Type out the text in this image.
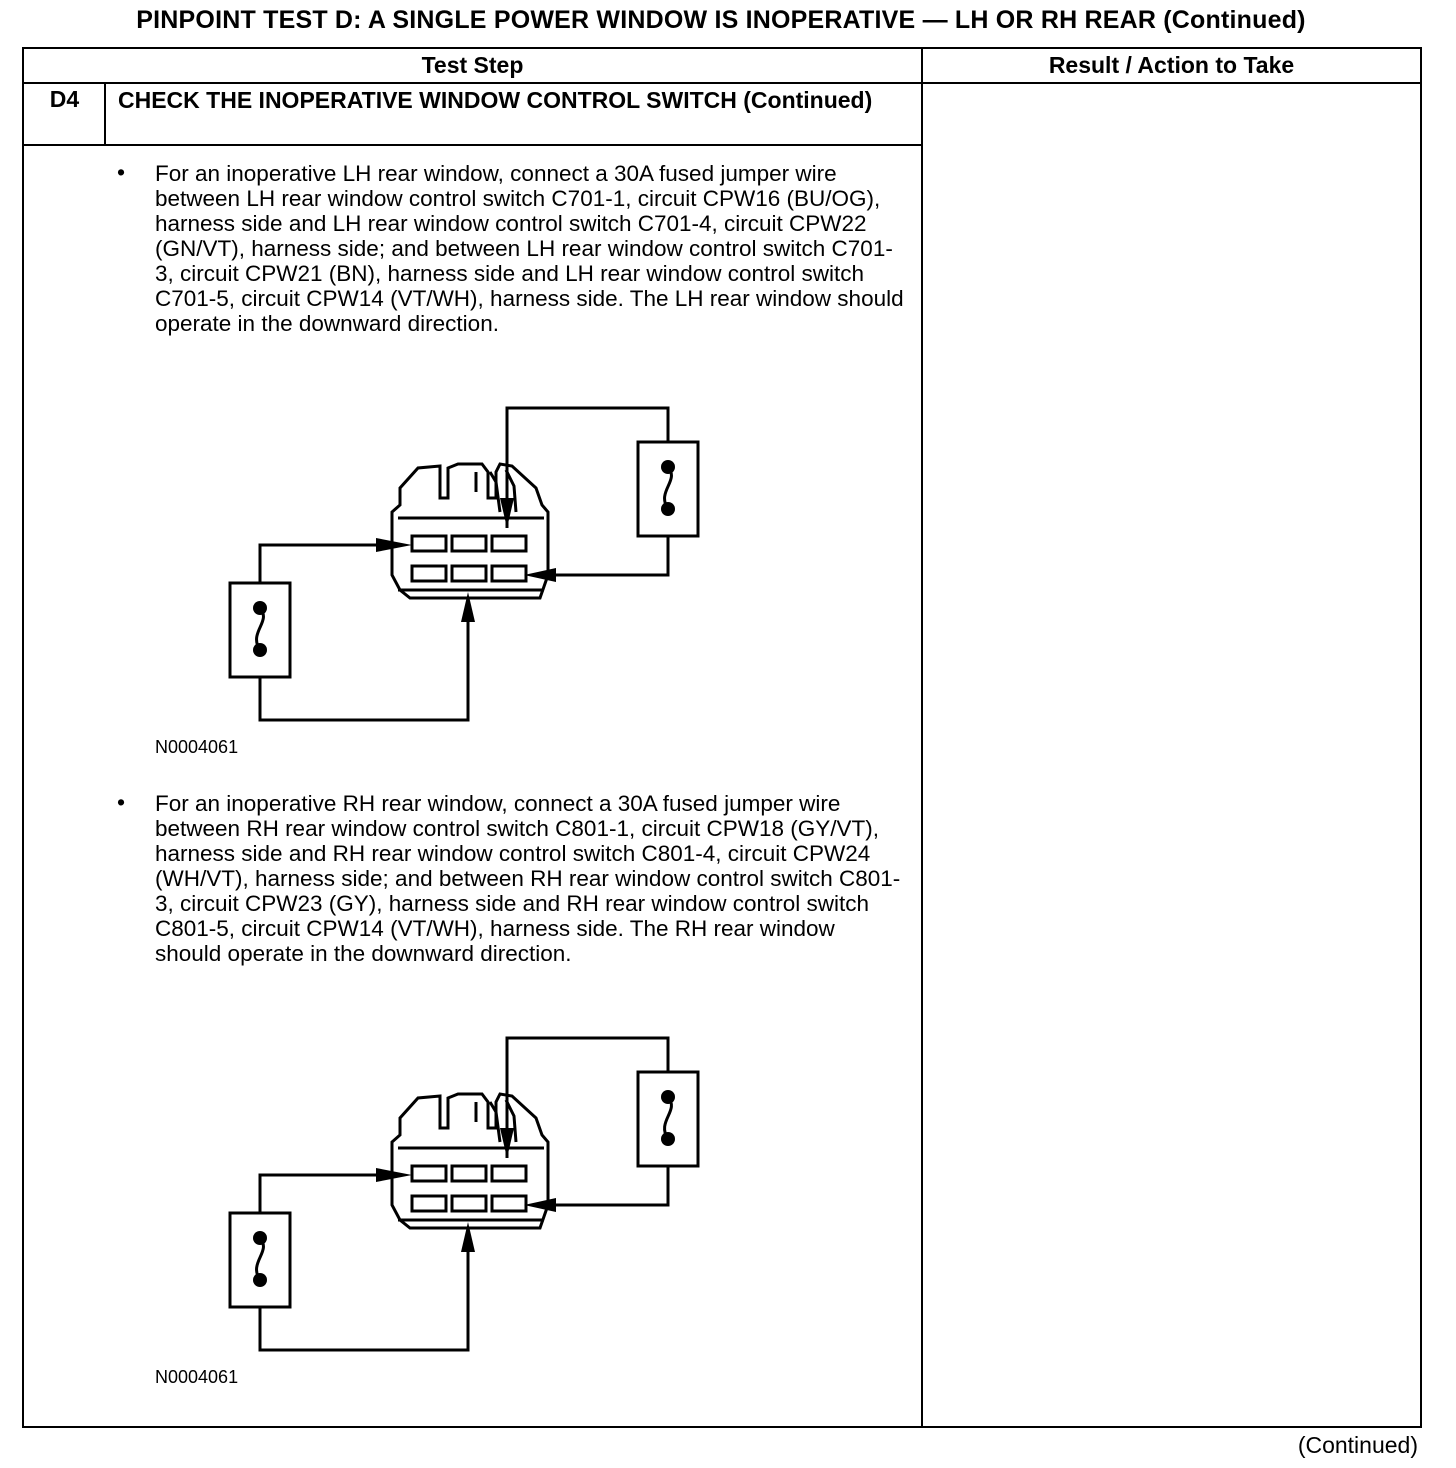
PINPOINT TEST D: A SINGLE POWER WINDOW IS INOPERATIVE — LH OR RH REAR (Continued)
Test Step	Result / Action to Take
D4	CHECK THE INOPERATIVE WINDOW CONTROL SWITCH (Continued)
• For an inoperative LH rear window, connect a 30A fused jumper wire between LH rear window control switch C701-1, circuit CPW16 (BU/OG), harness side and LH rear window control switch C701-4, circuit CPW22 (GN/VT), harness side; and between LH rear window control switch C701-3, circuit CPW21 (BN), harness side and LH rear window control switch C701-5, circuit CPW14 (VT/WH), harness side. The LH rear window should operate in the downward direction.
N0004061
• For an inoperative RH rear window, connect a 30A fused jumper wire between RH rear window control switch C801-1, circuit CPW18 (GY/VT), harness side and RH rear window control switch C801-4, circuit CPW24 (WH/VT), harness side; and between RH rear window control switch C801-3, circuit CPW23 (GY), harness side and RH rear window control switch C801-5, circuit CPW14 (VT/WH), harness side. The RH rear window should operate in the downward direction.
N0004061
(Continued)
